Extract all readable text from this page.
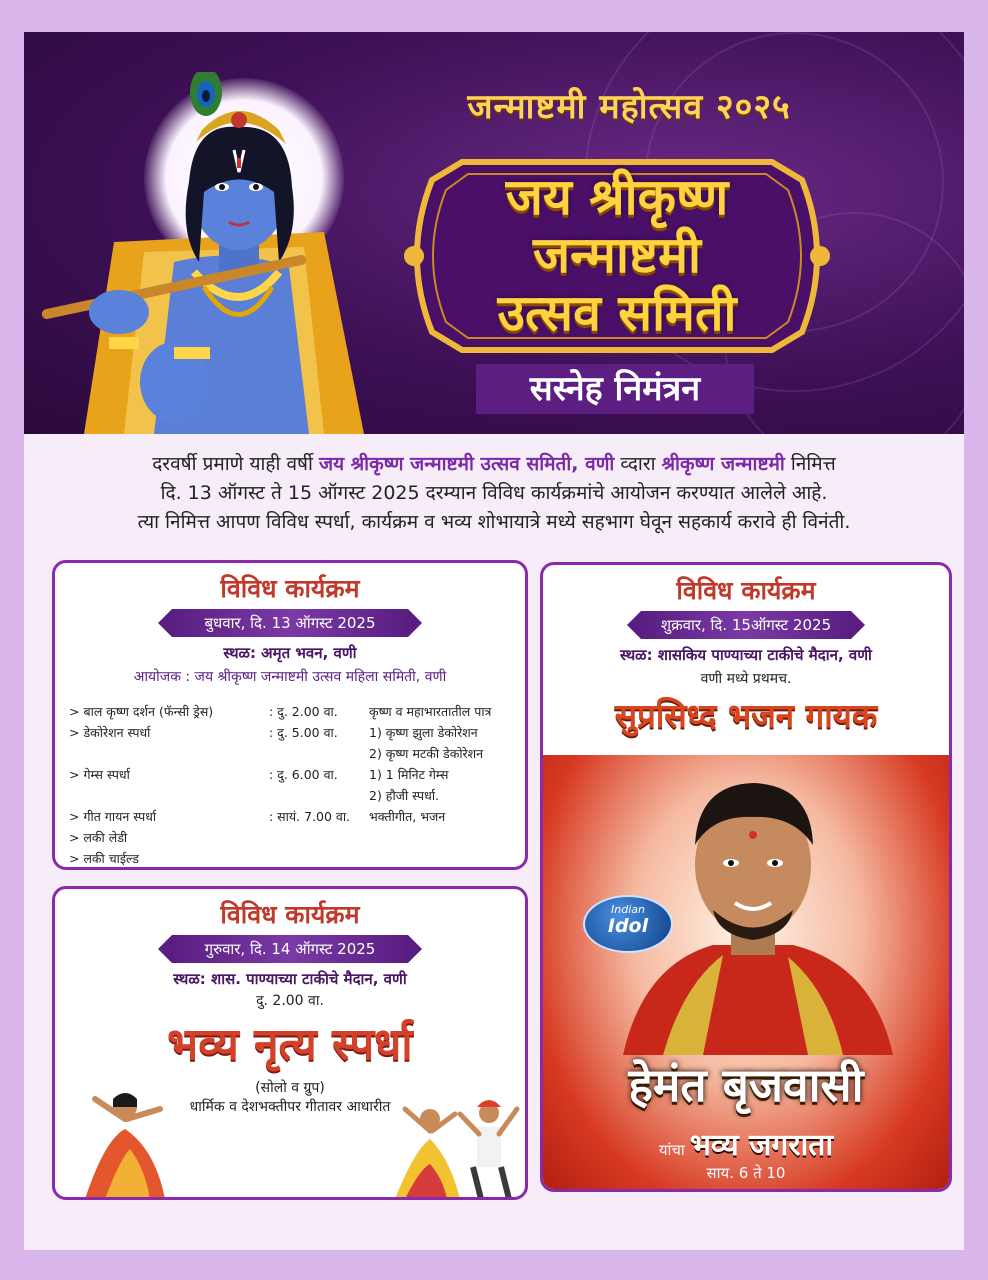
जन्माष्टमी महोत्सव २०२५
जय श्रीकृष्ण
जन्माष्टमी
उत्सव समिती
सस्नेह निमंत्रन
दरवर्षी प्रमाणे याही वर्षी जय श्रीकृष्ण जन्माष्टमी उत्सव समिती, वणी व्दारा श्रीकृष्ण जन्माष्टमी निमित्त
दि. 13 ऑगस्ट ते 15 ऑगस्ट 2025 दरम्यान विविध कार्यक्रमांचे आयोजन करण्यात आलेले आहे.
त्या निमित्त आपण विविध स्पर्धा, कार्यक्रम व भव्य शोभायात्रे मध्ये सहभाग घेवून सहकार्य करावे ही विनंती.
विविध कार्यक्रम
बुधवार, दि. 13 ऑगस्ट 2025
स्थळ: अमृत भवन, वणी
आयोजक : जय श्रीकृष्ण जन्माष्टमी उत्सव महिला समिती, वणी
> बाल कृष्ण दर्शन (फॅन्सी ड्रेस)	: दु. 2.00 वा.	कृष्ण व महाभारतातील पात्र
> डेकोरेशन स्पर्धा	: दु. 5.00 वा.	1) कृष्ण झुला डेकोरेशन
2) कृष्ण मटकी डेकोरेशन
> गेम्स स्पर्धा	: दु. 6.00 वा.	1) 1 मिनिट गेम्स
2) हौजी स्पर्धा.
> गीत गायन स्पर्धा	: सायं. 7.00 वा.	भक्तीगीत, भजन
> लकी लेडी
> लकी चाईल्ड
विविध कार्यक्रम
गुरुवार, दि. 14 ऑगस्ट 2025
स्थळ: शास. पाण्याच्या टाकीचे मैदान, वणी
दु. 2.00 वा.
भव्य नृत्य स्पर्धा
(सोलो व ग्रुप)
धार्मिक व देशभक्तीपर गीतावर आधारीत
विविध कार्यक्रम
शुक्रवार, दि. 15ऑगस्ट 2025
स्थळ: शासकिय पाण्याच्या टाकीचे मैदान, वणी
वणी मध्ये प्रथमच.
सुप्रसिध्द भजन गायक
Indian
Idol
हेमंत बृजवासी
यांचा भव्य जगराता
साय. 6 ते 10
